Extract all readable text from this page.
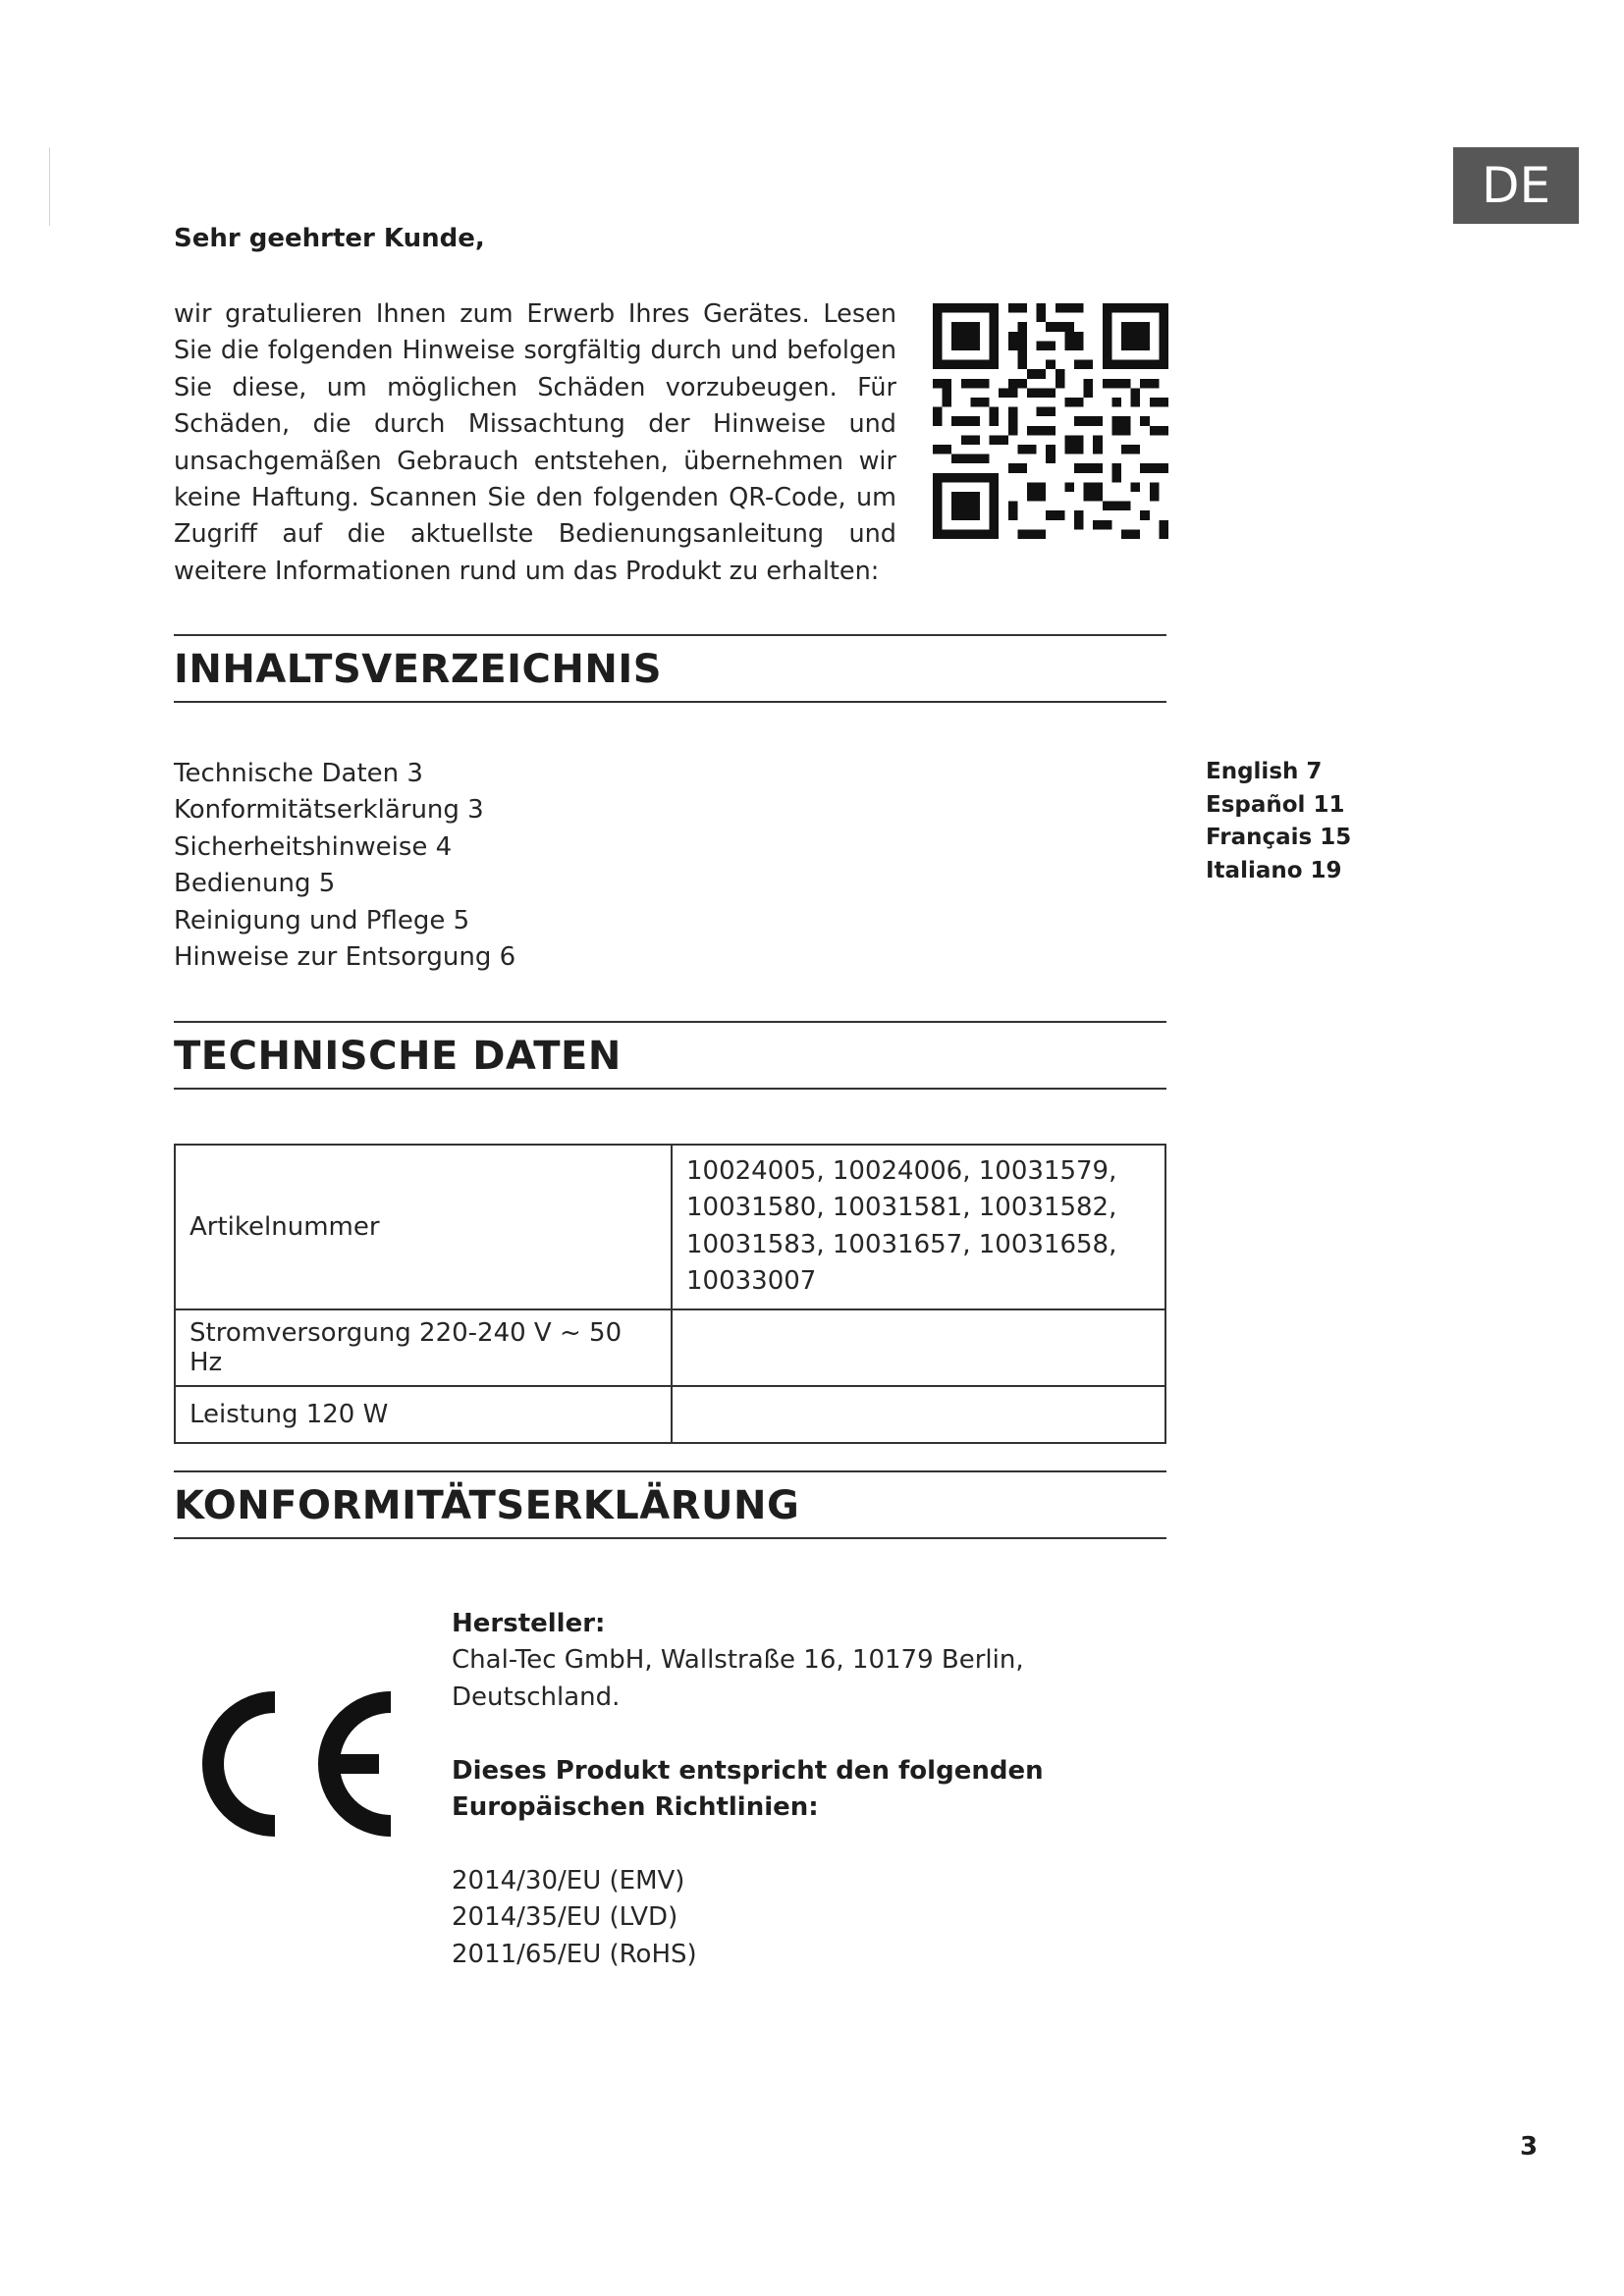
DE
Sehr geehrter Kunde,

wir gratulieren Ihnen zum Erwerb Ihres Gerätes. Lesen Sie die folgenden Hinweise sorgfältig durch und befolgen Sie diese, um möglichen Schäden vorzubeugen. Für Schäden, die durch Missachtung der Hinweise und unsachgemäßen Gebrauch entstehen, übernehmen wir keine Haftung. Scannen Sie den folgenden QR-Code, um Zugriff auf die aktuellste Bedienungsanleitung und weitere Informationen rund um das Produkt zu erhalten:

INHALTSVERZEICHNIS
Technische Daten 3
Konformitätserklärung 3
Sicherheitshinweise 4
Bedienung 5
Reinigung und Pflege 5
Hinweise zur Entsorgung 6
English 7
Español 11
Français 15
Italiano 19
TECHNISCHE DATEN
Artikelnummer	10024005, 10024006, 10031579, 10031580, 10031581, 10031582, 10031583, 10031657, 10031658, 10033007
Stromversorgung 220-240 V ~ 50 Hz	
Leistung 120 W	
KONFORMITÄTSERKLÄRUNG
Hersteller:
Chal-Tec GmbH, Wallstraße 16, 10179 Berlin, Deutschland.
Dieses Produkt entspricht den folgenden Europäischen Richtlinien:
2014/30/EU (EMV)
2014/35/EU (LVD)
2011/65/EU (RoHS)
3
